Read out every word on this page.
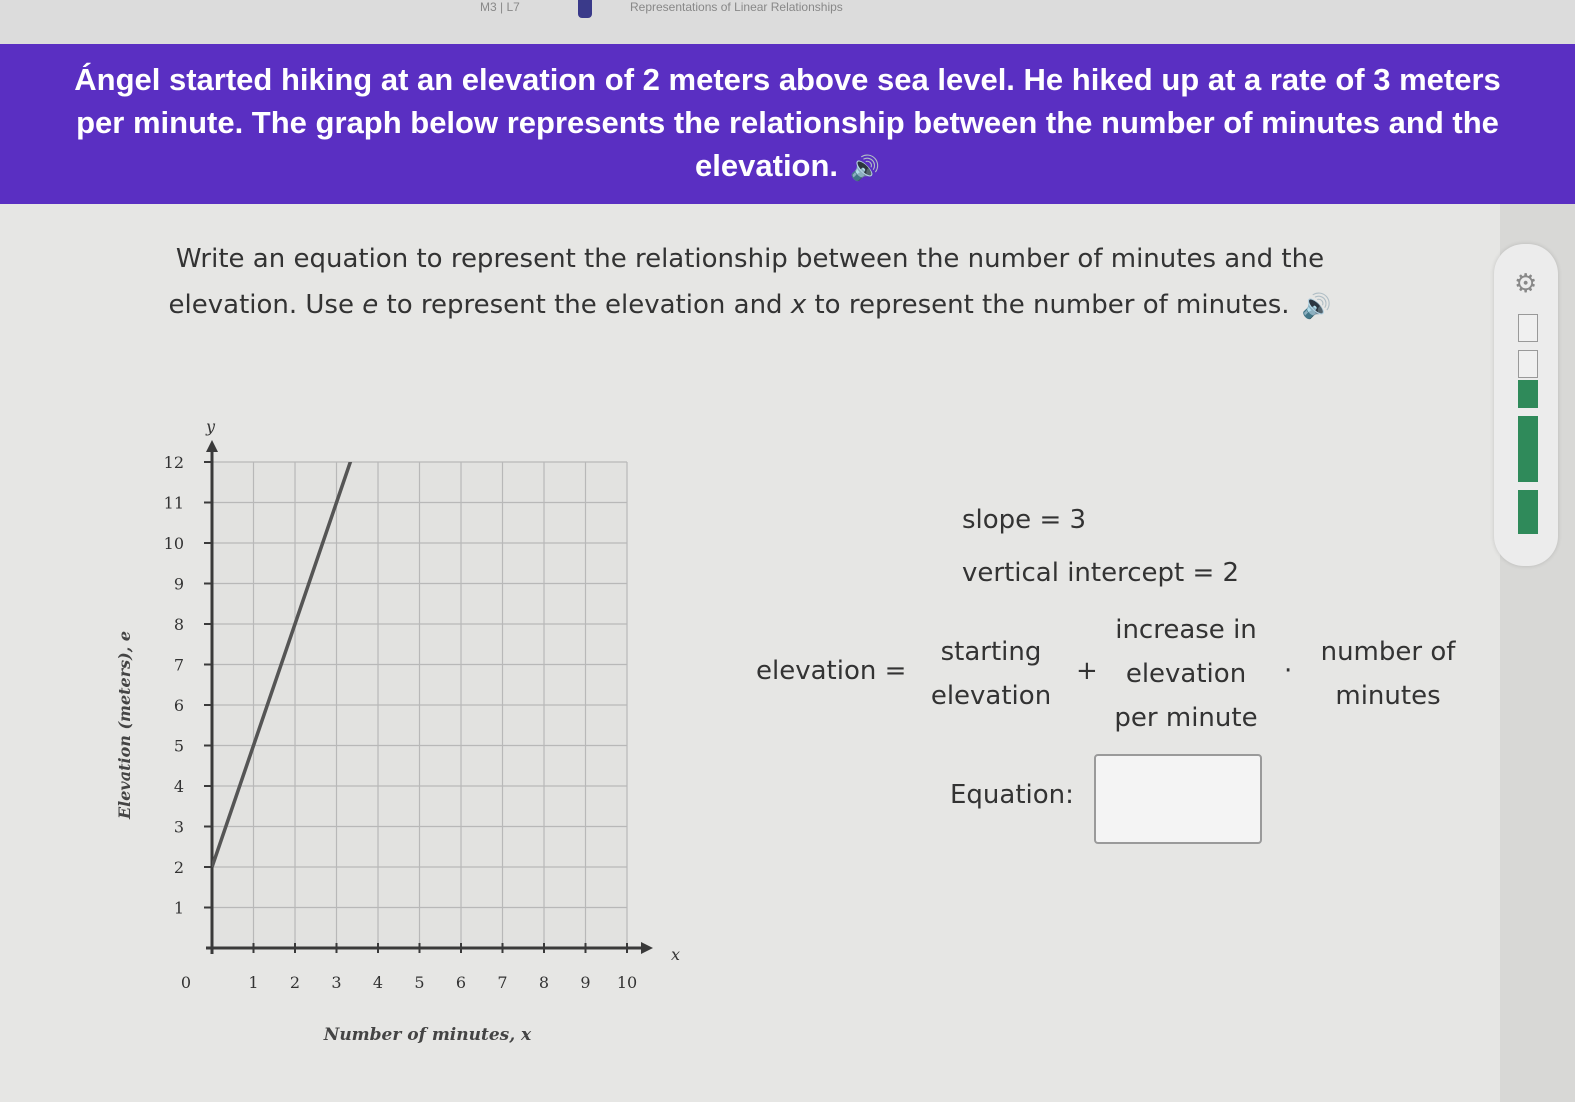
M3 | L7	Representations of Linear Relationships

Ángel started hiking at an elevation of 2 meters above sea level. He hiked up at a rate of 3 meters per minute. The graph below represents the relationship between the number of minutes and the elevation. 🔊

Write an equation to represent the relationship between the number of minutes and the elevation. Use e to represent the elevation and x to represent the number of minutes. 🔊
⚙
0	1 2 3 4 5 6 7 8 9 10
1
2
3
4
5
6
7
8
9
10
11
12
x
y
Number of minutes, x
Elevation (meters), e
slope = 3
vertical intercept = 2
elevation =
starting
elevation
+
increase in
elevation
per minute
·
number of
minutes
Equation:
